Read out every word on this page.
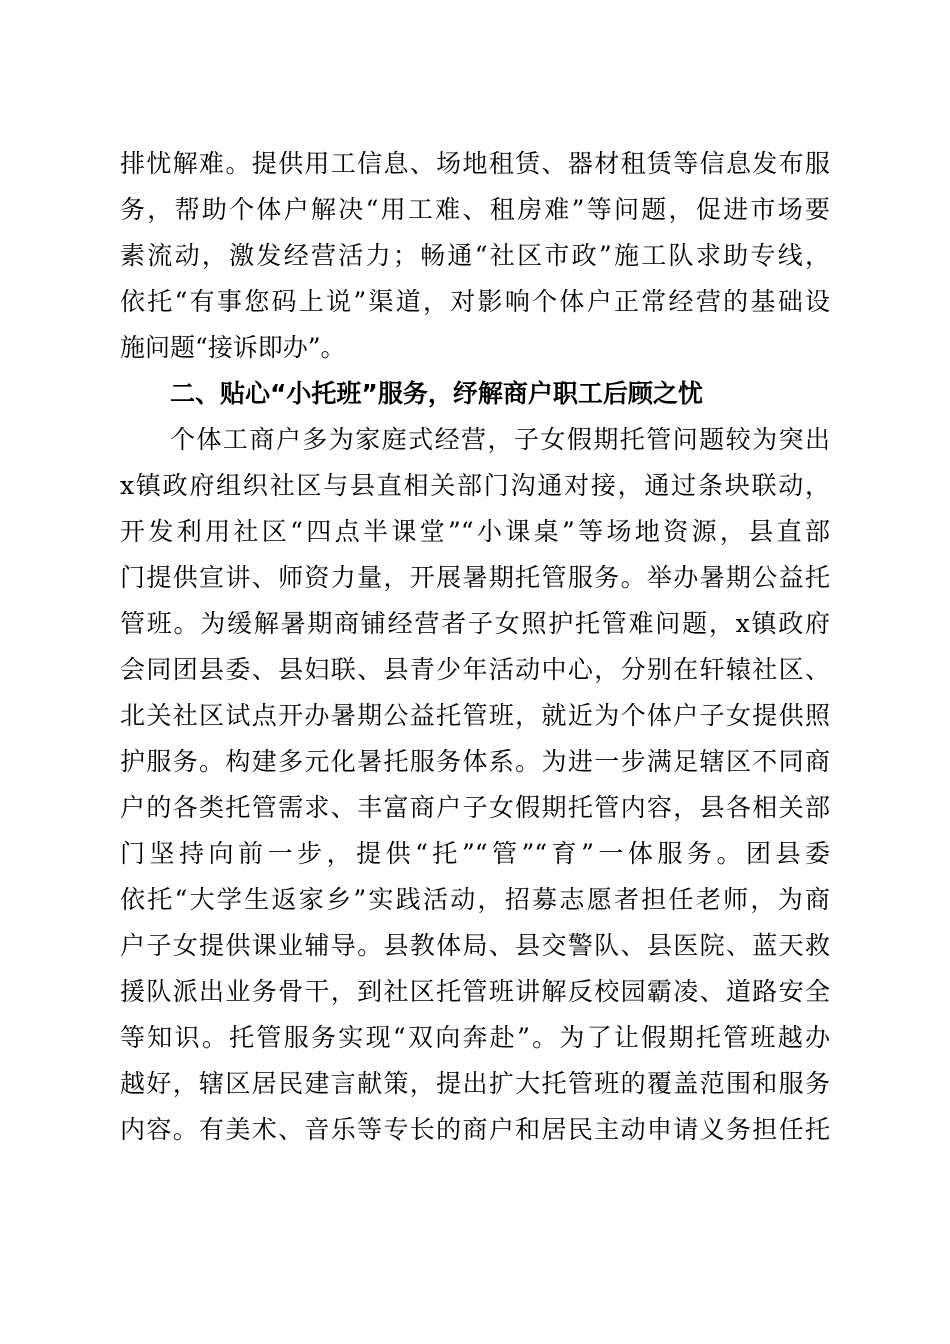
排忧解难。提供用工信息、场地租赁、器材租赁等信息发布服
务，帮助个体户解决“用工难、租房难”等问题，促进市场要
素流动，激发经营活力；畅通“社区市政”施工队求助专线，
依托“有事您码上说”渠道，对影响个体户正常经营的基础设
施问题“接诉即办”。
二、贴心“小托班”服务，纾解商户职工后顾之忧
个体工商户多为家庭式经营，子女假期托管问题较为突出
x镇政府组织社区与县直相关部门沟通对接，通过条块联动，
开发利用社区“四点半课堂”“小课桌”等场地资源，县直部
门提供宣讲、师资力量，开展暑期托管服务。举办暑期公益托
管班。为缓解暑期商铺经营者子女照护托管难问题，x镇政府
会同团县委、县妇联、县青少年活动中心，分别在轩辕社区、
北关社区试点开办暑期公益托管班，就近为个体户子女提供照
护服务。构建多元化暑托服务体系。为进一步满足辖区不同商
户的各类托管需求、丰富商户子女假期托管内容，县各相关部
门坚持向前一步，提供“托”“管”“育”一体服务。团县委
依托“大学生返家乡”实践活动，招募志愿者担任老师，为商
户子女提供课业辅导。县教体局、县交警队、县医院、蓝天救
援队派出业务骨干，到社区托管班讲解反校园霸凌、道路安全
等知识。托管服务实现“双向奔赴”。为了让假期托管班越办
越好，辖区居民建言献策，提出扩大托管班的覆盖范围和服务
内容。有美术、音乐等专长的商户和居民主动申请义务担任托
